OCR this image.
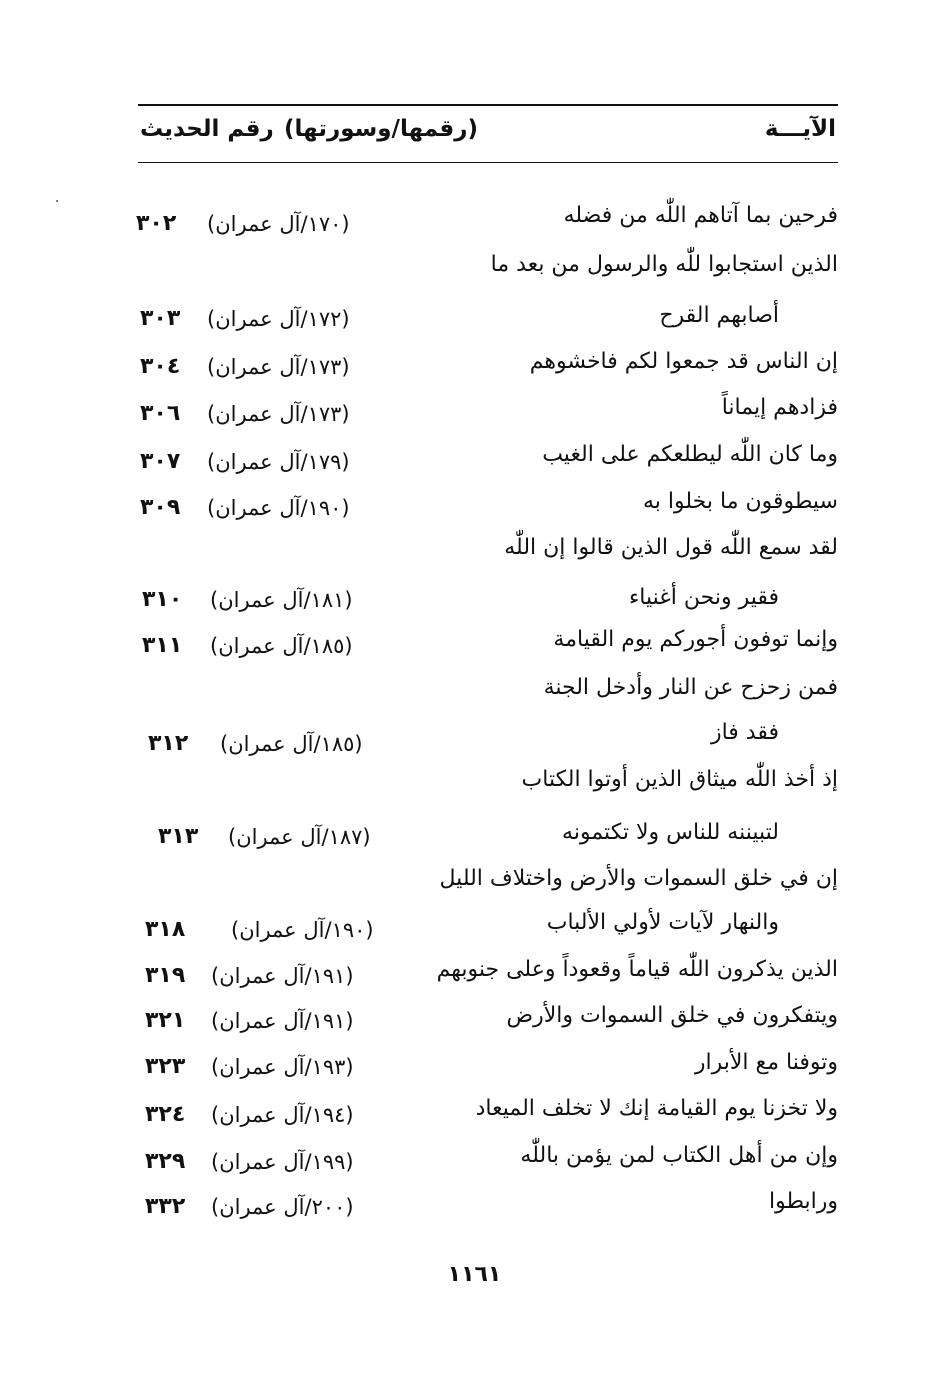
الآيـــة
(رقمها/وسورتها)
رقم الحديث
فرحين بما آتاهم اللّٰه من فضله
(١٧٠/آل عمران)
٣٠٢
الذين استجابوا للّٰه والرسول من بعد ما
أصابهم القرح
(١٧٢/آل عمران)
٣٠٣
إن الناس قد جمعوا لكم فاخشوهم
(١٧٣/آل عمران)
٣٠٤
فزادهم إيماناً
(١٧٣/آل عمران)
٣٠٦
وما كان اللّٰه ليطلعكم على الغيب
(١٧٩/آل عمران)
٣٠٧
سيطوقون ما بخلوا به
(١٩٠/آل عمران)
٣٠٩
لقد سمع اللّٰه قول الذين قالوا إن اللّٰه
فقير ونحن أغنياء
(١٨١/آل عمران)
٣١٠
وإنما توفون أجوركم يوم القيامة
(١٨٥/آل عمران)
٣١١
فمن زحزح عن النار وأدخل الجنة
فقد فاز
(١٨٥/آل عمران)
٣١٢
إذ أخذ اللّٰه ميثاق الذين أوتوا الكتاب
لتبيننه للناس ولا تكتمونه
(١٨٧/آل عمران)
٣١٣
إن في خلق السموات والأرض واختلاف الليل
والنهار لآيات لأولي الألباب
(١٩٠/آل عمران)
٣١٨
الذين يذكرون اللّٰه قياماً وقعوداً وعلى جنوبهم
(١٩١/آل عمران)
٣١٩
ويتفكرون في خلق السموات والأرض
(١٩١/آل عمران)
٣٢١
وتوفنا مع الأبرار
(١٩٣/آل عمران)
٣٢٣
ولا تخزنا يوم القيامة إنك لا تخلف الميعاد
(١٩٤/آل عمران)
٣٢٤
وإن من أهل الكتاب لمن يؤمن باللّٰه
(١٩٩/آل عمران)
٣٢٩
ورابطوا
(٢٠٠/آل عمران)
٣٣٢
١١٦١
